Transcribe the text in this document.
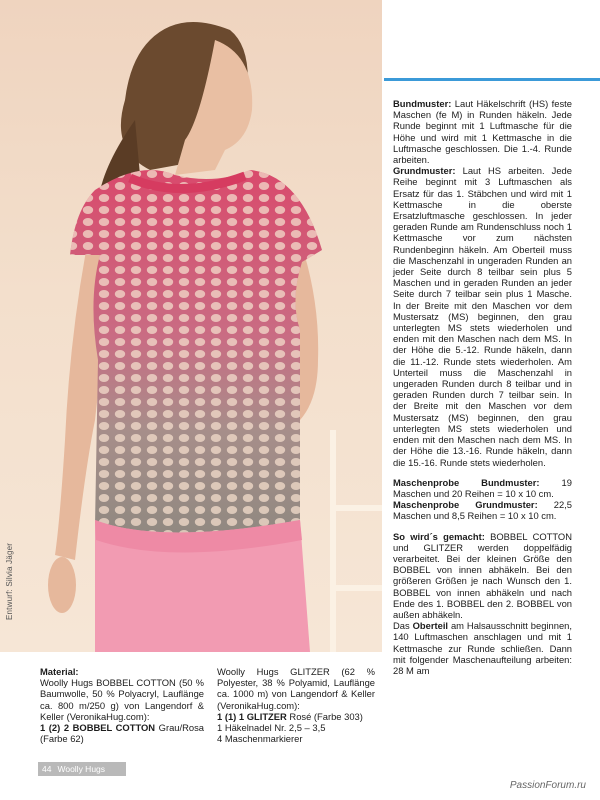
Entwurf: Silvia Jäger

Bundmuster: Laut Häkelschrift (HS) feste Maschen (fe M) in Runden häkeln. Jede Runde beginnt mit 1 Luftmasche für die Höhe und wird mit 1 Kettmasche in die Luftmasche geschlossen. Die 1.-4. Runde arbeiten.
Grundmuster: Laut HS arbeiten. Jede Reihe beginnt mit 3 Luftmaschen als Ersatz für das 1. Stäbchen und wird mit 1 Kettmasche in die oberste Ersatzluftmasche geschlossen. In jeder geraden Runde am Rundenschluss noch 1 Kettmasche vor zum nächsten Rundenbeginn häkeln. Am Oberteil muss die Maschenzahl in ungeraden Runden an jeder Seite durch 8 teilbar sein plus 5 Maschen und in geraden Runden an jeder Seite durch 7 teilbar sein plus 1 Masche. In der Breite mit den Maschen vor dem Mustersatz (MS) beginnen, den grau unterlegten MS stets wiederholen und enden mit den Maschen nach dem MS. In der Höhe die 5.-12. Runde häkeln, dann die 11.-12. Runde stets wiederholen. Am Unterteil muss die Maschenzahl in ungeraden Runden durch 8 teilbar und in geraden Runden durch 7 teilbar sein. In der Breite mit den Maschen vor dem Mustersatz (MS) beginnen, den grau unterlegten MS stets wiederholen und enden mit den Maschen nach dem MS. In der Höhe die 13.-16. Runde häkeln, dann die 15.-16. Runde stets wiederholen.

Maschenprobe Bundmuster: 19 Maschen und 20 Reihen = 10 x 10 cm.
Maschenprobe Grundmuster: 22,5 Maschen und 8,5 Reihen = 10 x 10 cm.

So wird´s gemacht: BOBBEL COTTON und GLITZER werden doppelfädig verarbeitet. Bei der kleinen Größe den BOBBEL von innen abhäkeln. Bei den größeren Größen je nach Wunsch den 1. BOBBEL von innen abhäkeln und nach Ende des 1. BOBBEL den 2. BOBBEL von außen abhäkeln.
Das Oberteil am Halsausschnitt beginnen, 140 Luftmaschen anschlagen und mit 1 Kettmasche zur Runde schließen. Dann mit folgender Maschenaufteilung arbeiten: 28 M am

Material:
Woolly Hugs BOBBEL COTTON (50 % Baumwolle, 50 % Polyacryl, Lauflänge ca. 800 m/250 g) von Langendorf & Keller (VeronikaHug.com):
1 (2) 2 BOBBEL COTTON Grau/Rosa (Farbe 62)
Woolly Hugs GLITZER (62 % Polyester, 38 % Polyamid, Lauflänge ca. 1000 m) von Langendorf & Keller (VeronikaHug.com):
1 (1) 1 GLITZER Rosé (Farbe 303)
1 Häkelnadel Nr. 2,5 – 3,5
4 Maschenmarkierer
44 Woolly Hugs
PassionForum.ru
